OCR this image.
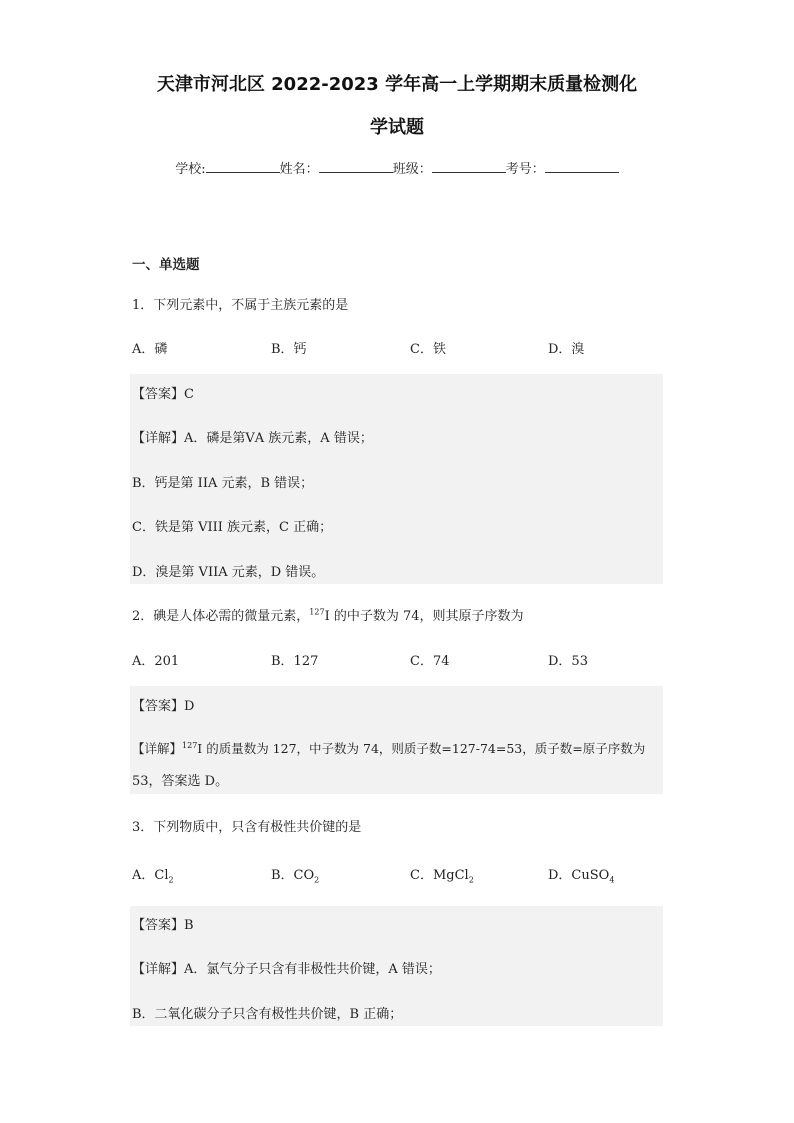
天津市河北区 2022-2023 学年高一上学期期末质量检测化
学试题
学校:	姓名：	班级：	考号：
一、单选题
1．下列元素中，不属于主族元素的是
A．磷	B．钙	C．铁	D．溴
【答案】C
【详解】A．磷是第ⅤA 族元素，A 错误；
B．钙是第 IIA 元素，B 错误；
C．铁是第 VIII 族元素，C 正确；
D．溴是第 VIIA 元素，D 错误。
2．碘是人体必需的微量元素，$^{127}$I 的中子数为 74，则其原子序数为
A．201	B．127	C．74	D．53
【答案】D
【详解】$^{127}$I 的质量数为 127，中子数为 74，则质子数=127-74=53，质子数=原子序数为
53，答案选 D。
3．下列物质中，只含有极性共价键的是
A．$Cl_2$	B．$CO_2$	C．MgCl$_2$	D．CuSO$_4$
【答案】B
【详解】A．氯气分子只含有非极性共价键，A 错误；
B．二氧化碳分子只含有极性共价键，B 正确；
